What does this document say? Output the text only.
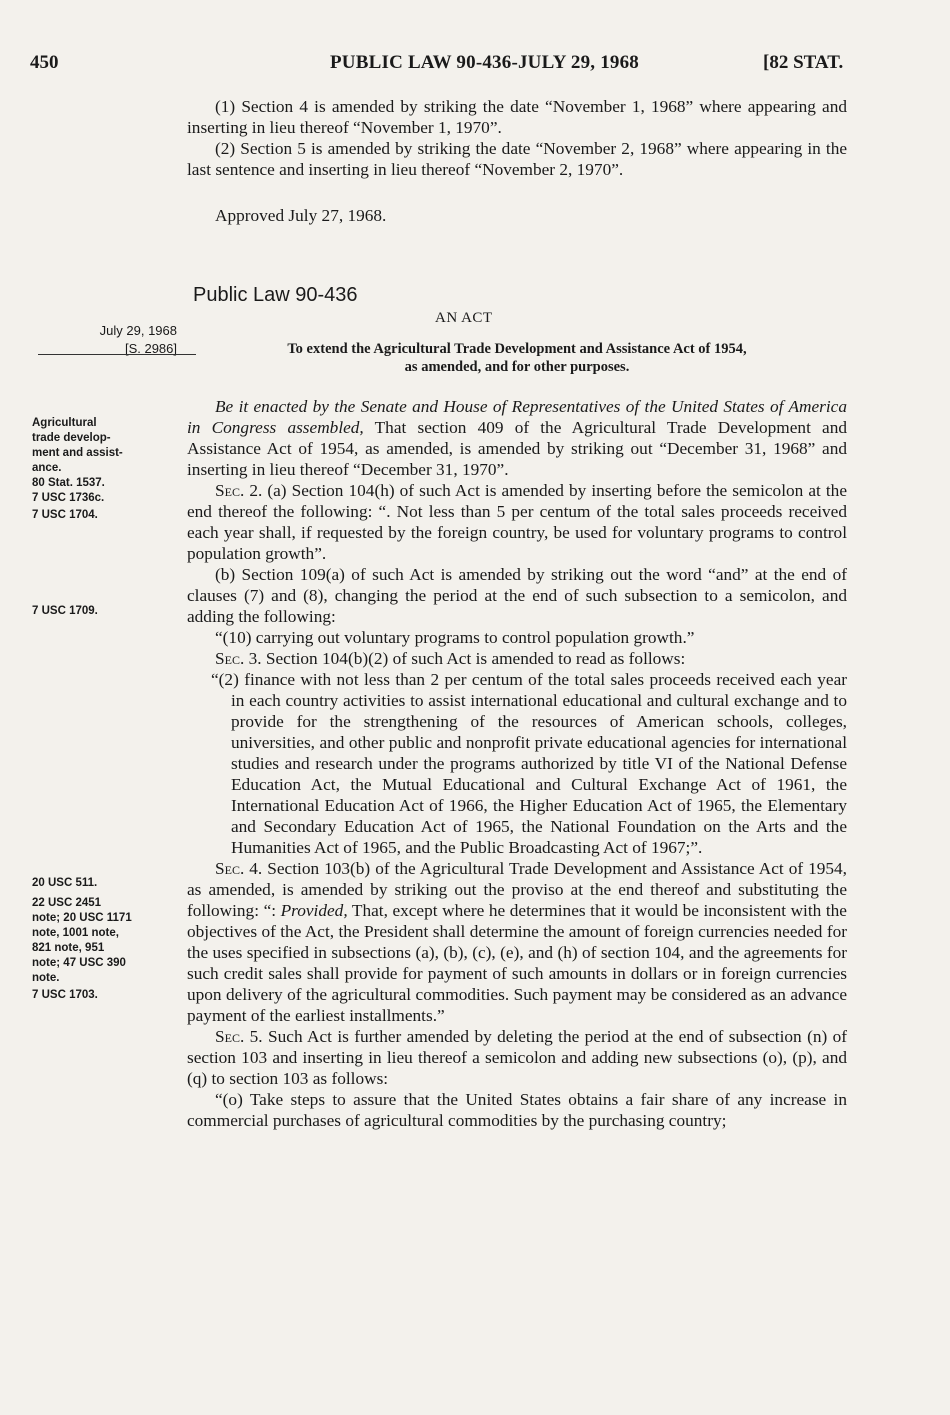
450	PUBLIC LAW 90-436-JULY 29, 1968	[82 STAT.

(1) Section 4 is amended by striking the date “November 1, 1968” where appearing and inserting in lieu thereof “November 1, 1970”.

(2) Section 5 is amended by striking the date “November 2, 1968” where appearing in the last sentence and inserting in lieu thereof “November 2, 1970”.

Approved July 27, 1968.
Public Law 90-436
AN ACT
To extend the Agricultural Trade Development and Assistance Act of 1954,
as amended, and for other purposes.
July 29, 1968
[S. 2986]
Agricultural
trade develop-
ment and assist-
ance.
80 Stat. 1537.
7 USC 1736c.
7 USC 1704.
7 USC 1709.
20 USC 511.
22 USC 2451
note; 20 USC 1171
note, 1001 note,
821 note, 951
note; 47 USC 390
note.
7 USC 1703.

Be it enacted by the Senate and House of Representatives of the United States of America in Congress assembled, That section 409 of the Agricultural Trade Development and Assistance Act of 1954, as amended, is amended by striking out “December 31, 1968” and inserting in lieu thereof “December 31, 1970”.

Sec. 2. (a) Section 104(h) of such Act is amended by inserting before the semicolon at the end thereof the following: “. Not less than 5 per centum of the total sales proceeds received each year shall, if requested by the foreign country, be used for voluntary programs to control population growth”.

(b) Section 109(a) of such Act is amended by striking out the word “and” at the end of clauses (7) and (8), changing the period at the end of such subsection to a semicolon, and adding the following:

“(10) carrying out voluntary programs to control population growth.”

Sec. 3. Section 104(b)(2) of such Act is amended to read as follows:

“(2) finance with not less than 2 per centum of the total sales proceeds received each year in each country activities to assist international educational and cultural exchange and to provide for the strengthening of the resources of American schools, colleges, universities, and other public and nonprofit private educational agencies for international studies and research under the programs authorized by title VI of the National Defense Education Act, the Mutual Educational and Cultural Exchange Act of 1961, the International Education Act of 1966, the Higher Education Act of 1965, the Elementary and Secondary Education Act of 1965, the National Foundation on the Arts and the Humanities Act of 1965, and the Public Broadcasting Act of 1967;”.

Sec. 4. Section 103(b) of the Agricultural Trade Development and Assistance Act of 1954, as amended, is amended by striking out the proviso at the end thereof and substituting the following: “: Provided, That, except where he determines that it would be inconsistent with the objectives of the Act, the President shall determine the amount of foreign currencies needed for the uses specified in subsections (a), (b), (c), (e), and (h) of section 104, and the agreements for such credit sales shall provide for payment of such amounts in dollars or in foreign currencies upon delivery of the agricultural commodities. Such payment may be considered as an advance payment of the earliest installments.”

Sec. 5. Such Act is further amended by deleting the period at the end of subsection (n) of section 103 and inserting in lieu thereof a semicolon and adding new subsections (o), (p), and (q) to section 103 as follows:

“(o) Take steps to assure that the United States obtains a fair share of any increase in commercial purchases of agricultural commodities by the purchasing country;
